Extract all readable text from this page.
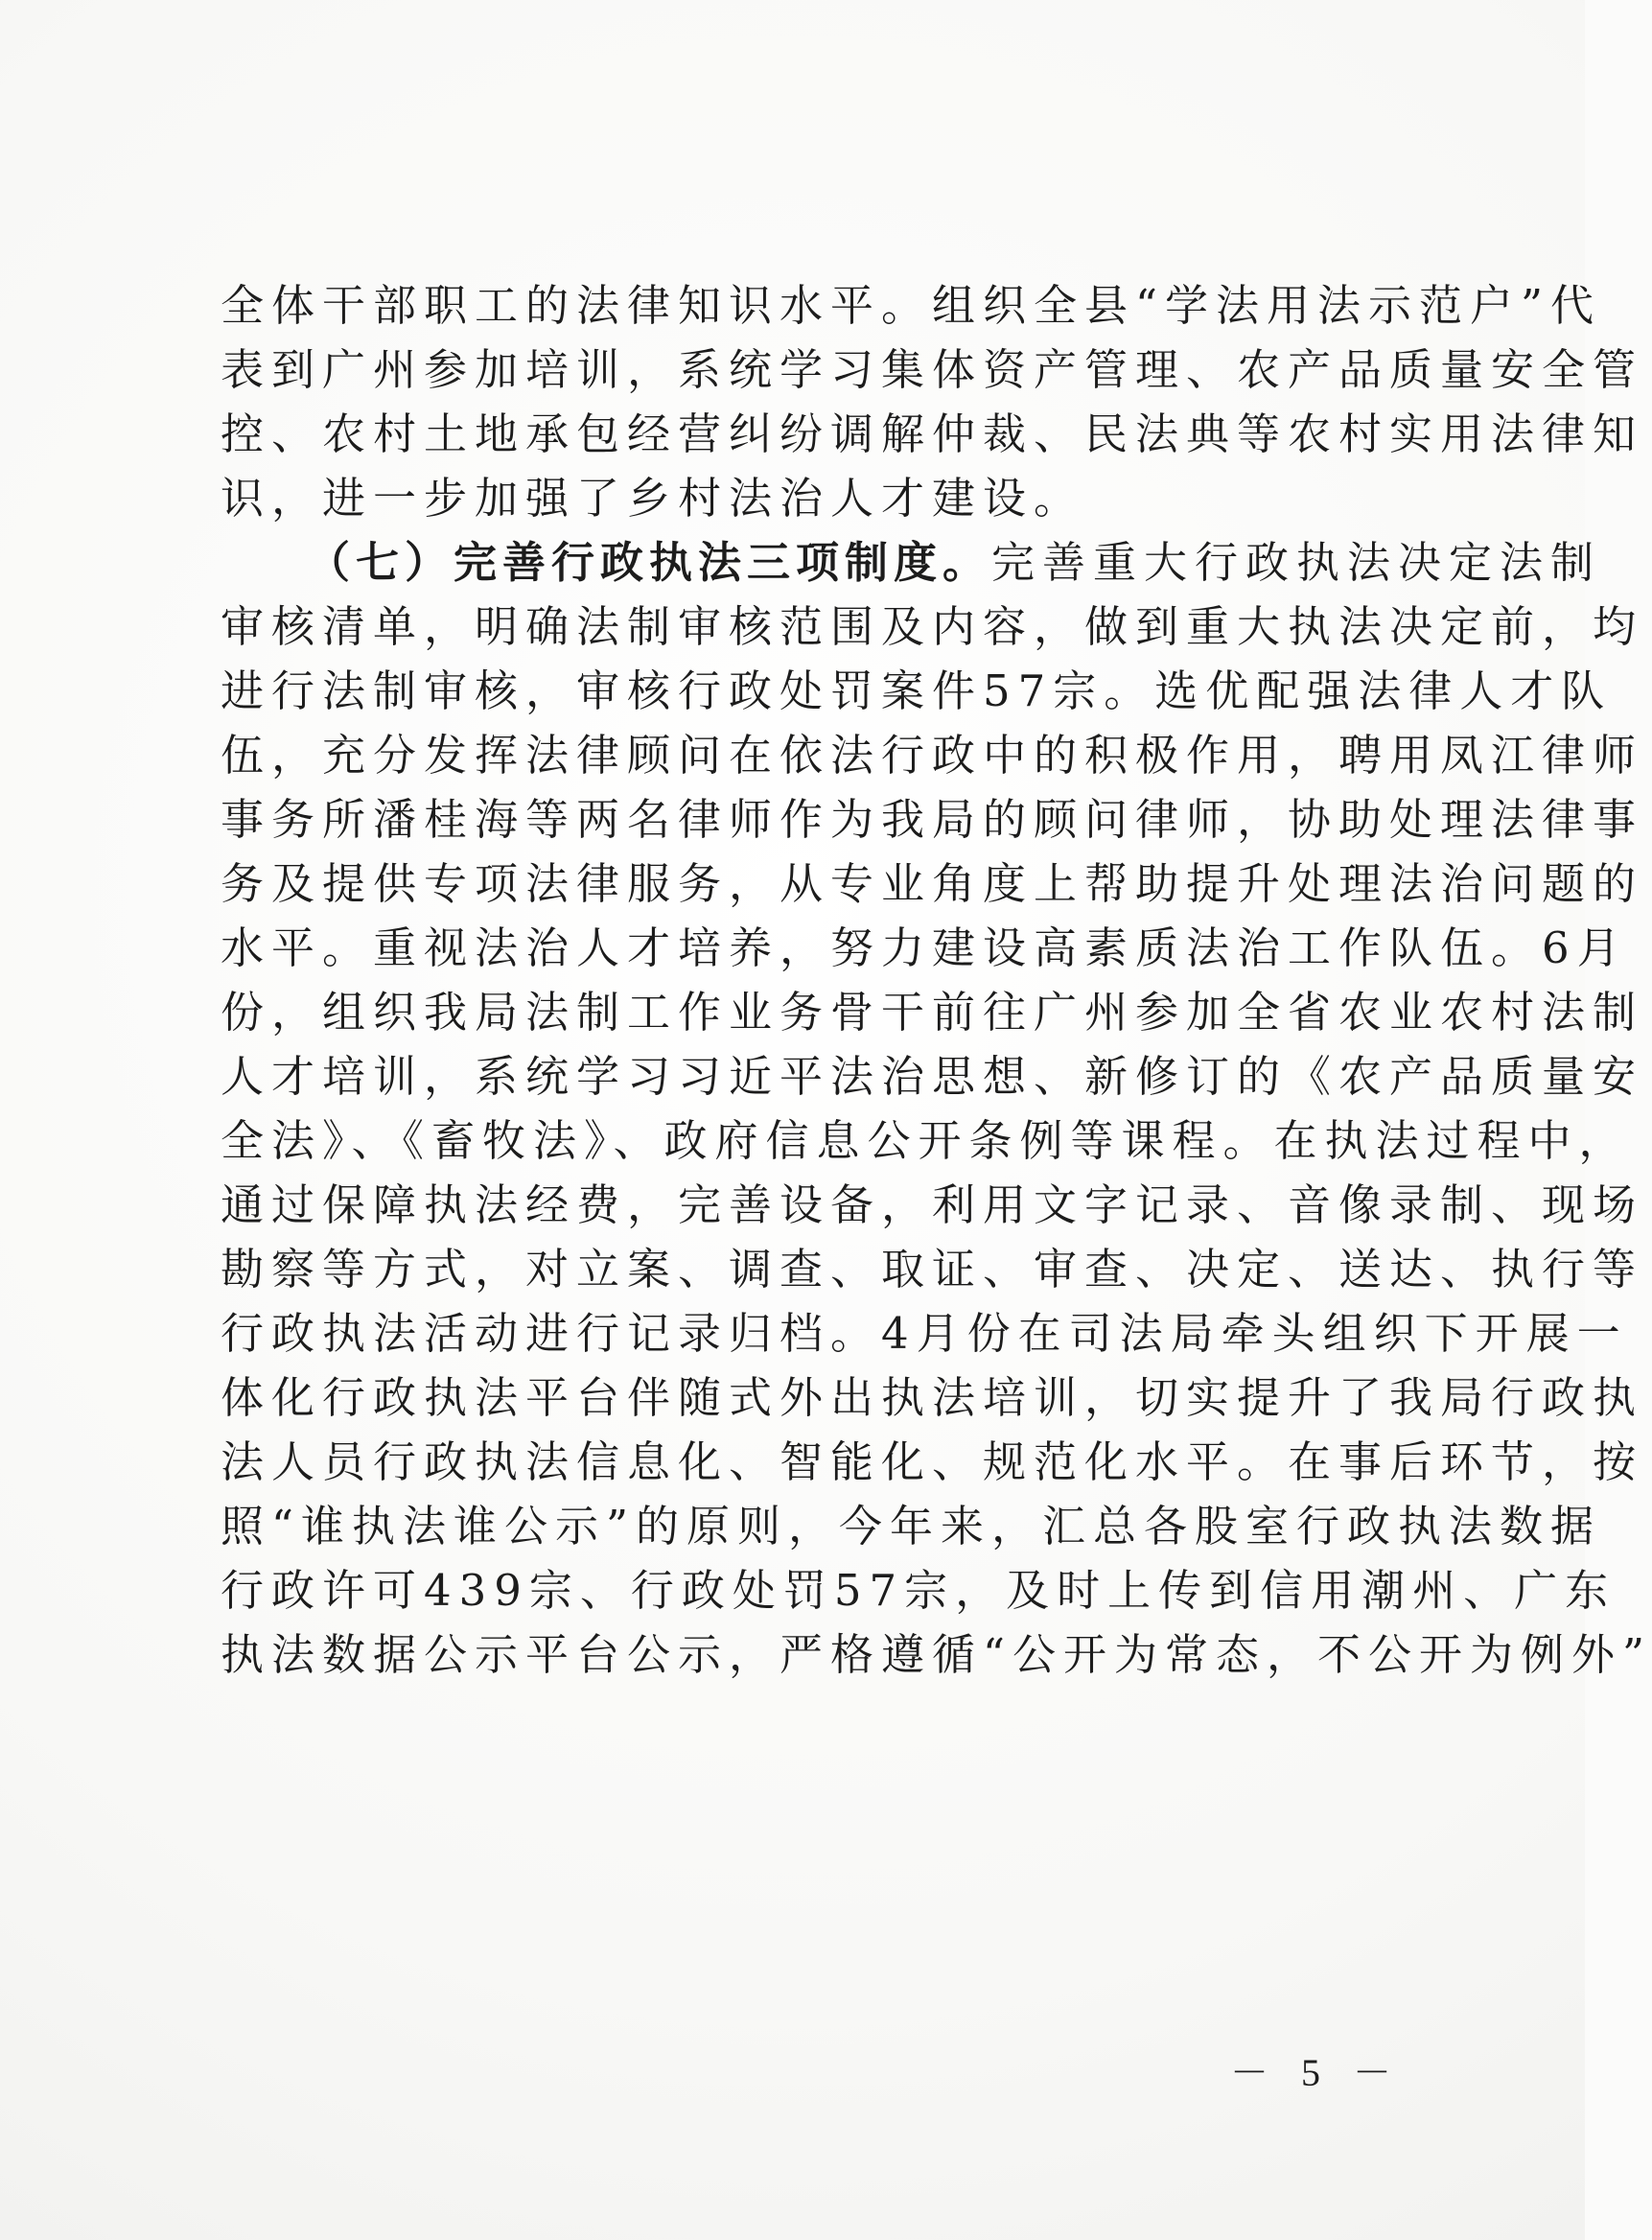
全体干部职工的法律知识水平。组织全县“学法用法示范户”代
表到广州参加培训，系统学习集体资产管理、农产品质量安全管
控、农村土地承包经营纠纷调解仲裁、民法典等农村实用法律知
识，进一步加强了乡村法治人才建设。
（七）完善行政执法三项制度。完善重大行政执法决定法制
审核清单，明确法制审核范围及内容，做到重大执法决定前，均
进行法制审核，审核行政处罚案件57宗。选优配强法律人才队
伍，充分发挥法律顾问在依法行政中的积极作用，聘用凤江律师
事务所潘桂海等两名律师作为我局的顾问律师，协助处理法律事
务及提供专项法律服务，从专业角度上帮助提升处理法治问题的
水平。重视法治人才培养，努力建设高素质法治工作队伍。6月
份，组织我局法制工作业务骨干前往广州参加全省农业农村法制
人才培训，系统学习习近平法治思想、新修订的《农产品质量安
全法》、《畜牧法》、政府信息公开条例等课程。在执法过程中，
通过保障执法经费，完善设备，利用文字记录、音像录制、现场
勘察等方式，对立案、调查、取证、审查、决定、送达、执行等
行政执法活动进行记录归档。4月份在司法局牵头组织下开展一
体化行政执法平台伴随式外出执法培训，切实提升了我局行政执
法人员行政执法信息化、智能化、规范化水平。在事后环节，按
照“谁执法谁公示”的原则，今年来，汇总各股室行政执法数据
行政许可439宗、行政处罚57宗，及时上传到信用潮州、广东
执法数据公示平台公示，严格遵循“公开为常态，不公开为例外”
－ 5 －
